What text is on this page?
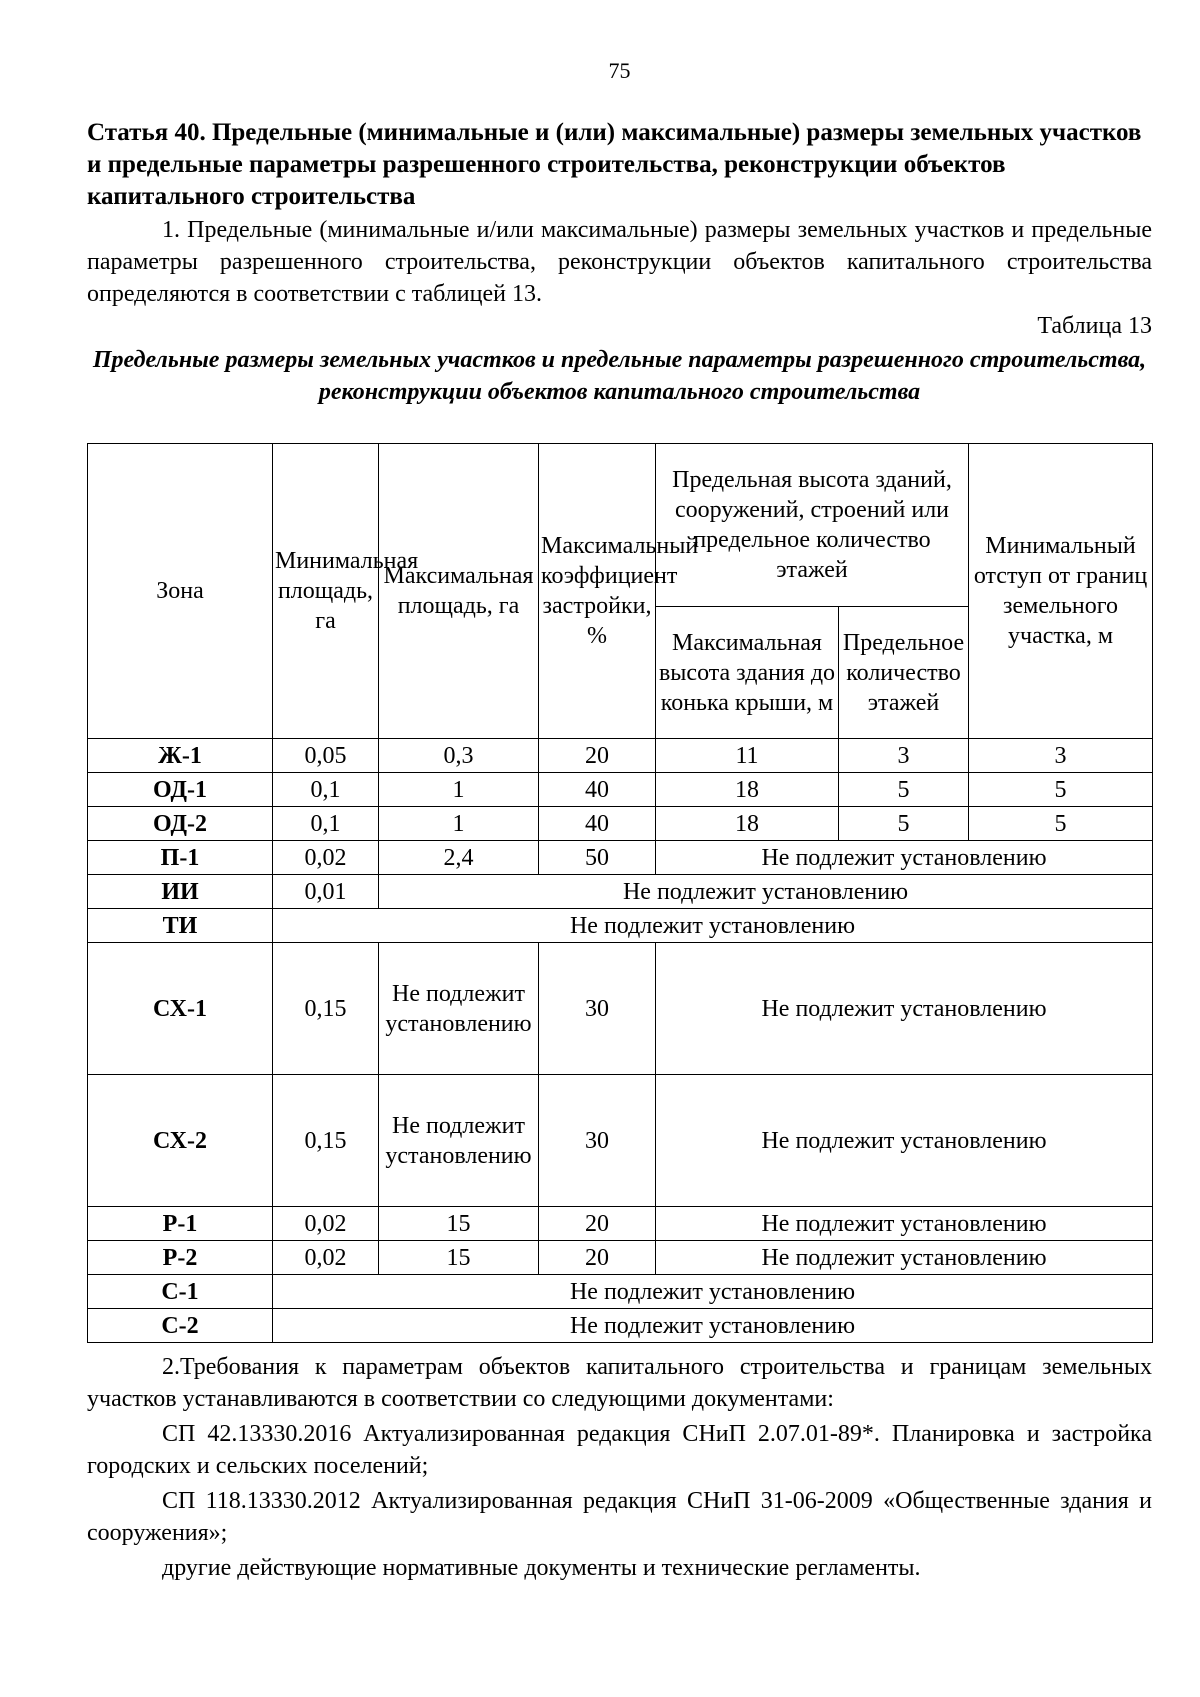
75
Статья 40. Предельные (минимальные и (или) максимальные) размеры земельных участков и предельные параметры разрешенного строительства, реконструкции объектов капитального строительства
1. Предельные (минимальные и/или максимальные) размеры земельных участков и предельные параметры разрешенного строительства, реконструкции объектов капитального строительства определяются в соответствии с таблицей 13.
Таблица 13
Предельные размеры земельных участков и предельные параметры разрешенного строительства, реконструкции объектов капитального строительства
Зона	Минимальная площадь, га	Максимальная площадь, га	Максимальный коэффициент застройки, %	Предельная высота зданий, сооружений, строений или предельное количество этажей		Минимальный отступ от границ земельного участка, м
				Максимальная высота здания до конька крыши, м	Предельное количество этажей	
Ж-1	0,05	0,3	20	11	3	3
ОД-1	0,1	1	40	18	5	5
ОД-2	0,1	1	40	18	5	5
П-1	0,02	2,4	50	Не подлежит установлению		
ИИ	0,01	Не подлежит установлению				
ТИ	Не подлежит установлению					
СХ-1	0,15	Не подлежит установлению	30	Не подлежит установлению		
СХ-2	0,15	Не подлежит установлению	30	Не подлежит установлению		
Р-1	0,02	15	20	Не подлежит установлению		
Р-2	0,02	15	20	Не подлежит установлению		
С-1	Не подлежит установлению					
С-2	Не подлежит установлению					
2.Требования к параметрам объектов капитального строительства и границам земельных участков устанавливаются в соответствии со следующими документами:
СП 42.13330.2016 Актуализированная редакция СНиП 2.07.01-89*. Планировка и застройка городских и сельских поселений;
СП 118.13330.2012 Актуализированная редакция СНиП 31-06-2009 «Общественные здания и сооружения»;
другие действующие нормативные документы и технические регламенты.
